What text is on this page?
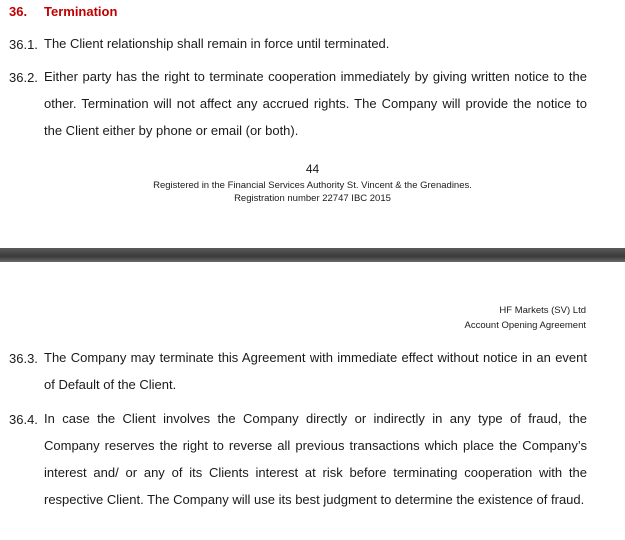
36. Termination
36.1. The Client relationship shall remain in force until terminated.
36.2. Either party has the right to terminate cooperation immediately by giving written notice to the other. Termination will not affect any accrued rights. The Company will provide the notice to the Client either by phone or email (or both).
44
Registered in the Financial Services Authority St. Vincent & the Grenadines.
Registration number 22747 IBC 2015
HF Markets (SV) Ltd
Account Opening Agreement
36.3. The Company may terminate this Agreement with immediate effect without notice in an event of Default of the Client.
36.4. In case the Client involves the Company directly or indirectly in any type of fraud, the Company reserves the right to reverse all previous transactions which place the Company’s interest and/ or any of its Clients interest at risk before terminating cooperation with the respective Client. The Company will use its best judgment to determine the existence of fraud.
